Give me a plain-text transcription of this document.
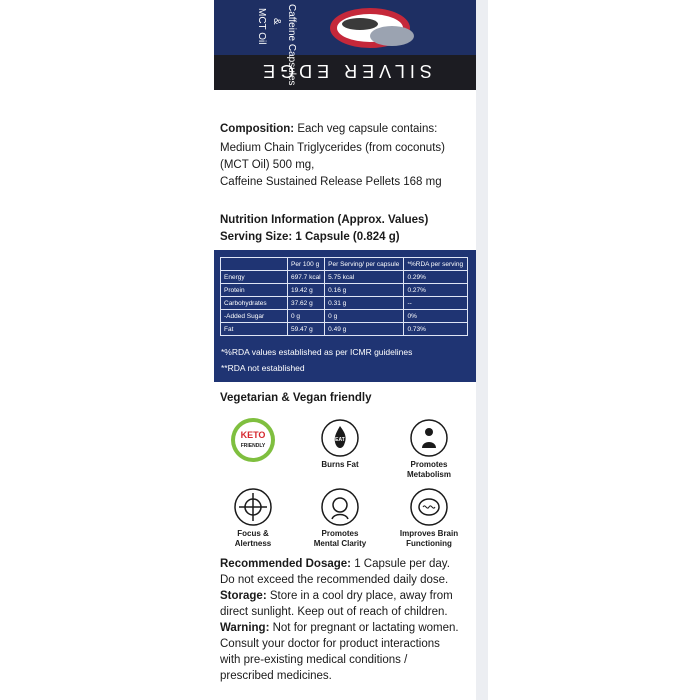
SILVER EDGE
MCT Oil & Caffeine Capsules
Composition: Each veg capsule contains:
Medium Chain Triglycerides (from coconuts)
(MCT Oil) 500 mg,
Caffeine Sustained Release Pellets 168 mg
Nutrition Information (Approx. Values)
Serving Size: 1 Capsule (0.824 g)
	Per 100 g	Per Serving/ per capsule	*%RDA per serving
Energy	697.7 kcal	5.75 kcal	0.29%
Protein	19.42 g	0.16 g	0.27%
Carbohydrates	37.62 g	0.31 g	--
-Added Sugar	0 g	0 g	0%
Fat	59.47 g	0.49 g	0.73%
*%RDA values established as per ICMR guidelines
**RDA not established
Vegetarian & Vegan friendly
KETO
FRIENDLY
EAT
Burns Fat	Promotes Metabolism
Focus & Alertness
Promotes Mental Clarity
Improves Brain Functioning
Recommended Dosage: 1 Capsule per day.
Do not exceed the recommended daily dose.
Storage: Store in a cool dry place, away from
direct sunlight. Keep out of reach of children.
Warning: Not for pregnant or lactating women.
Consult your doctor for product interactions
with pre-existing medical conditions /
prescribed medicines.
